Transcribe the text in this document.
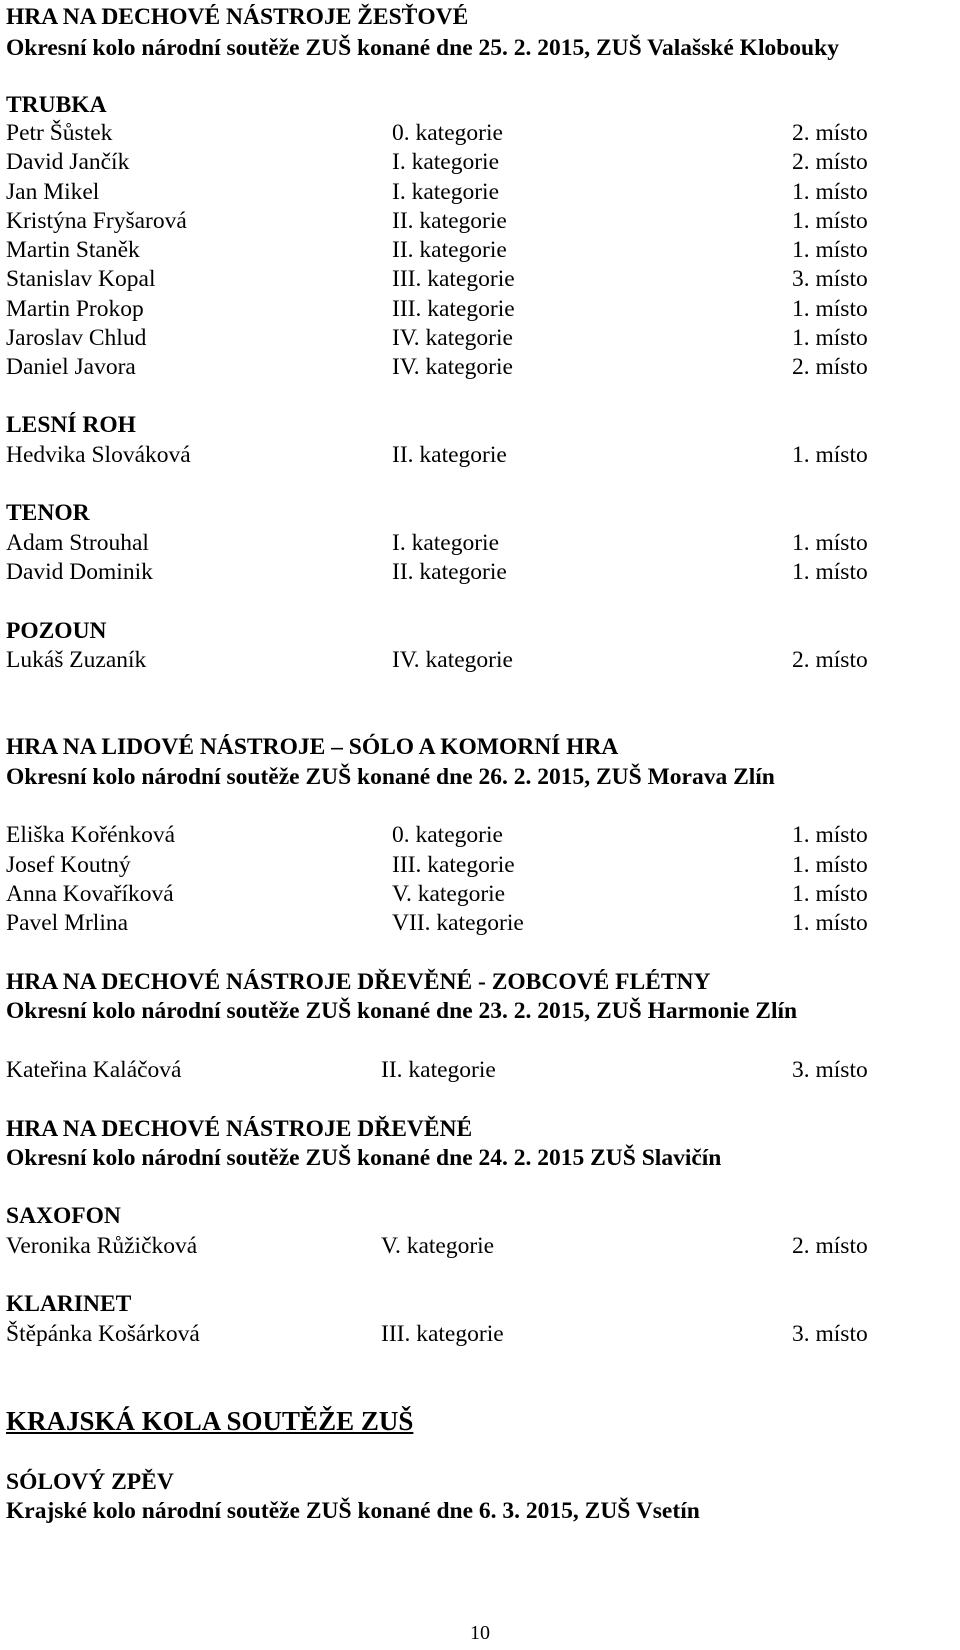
HRA NA DECHOVÉ NÁSTROJE ŽESŤOVÉ
Okresní kolo národní soutěže ZUŠ konané dne 25. 2. 2015, ZUŠ Valašské Klobouky
TRUBKA
Petr Šůstek	0. kategorie	2. místo
David Jančík	I. kategorie	2. místo
Jan Mikel	I. kategorie	1. místo
Kristýna Fryšarová	II. kategorie	1. místo
Martin Staněk	II. kategorie	1. místo
Stanislav Kopal	III. kategorie	3. místo
Martin Prokop	III. kategorie	1. místo
Jaroslav Chlud	IV. kategorie	1. místo
Daniel Javora	IV. kategorie	2. místo
LESNÍ ROH
Hedvika Slováková	II. kategorie	1. místo
TENOR
Adam Strouhal	I. kategorie	1. místo
David Dominik	II. kategorie	1. místo
POZOUN
Lukáš Zuzaník	IV. kategorie	2. místo
HRA NA LIDOVÉ NÁSTROJE – SÓLO A KOMORNÍ HRA
Okresní kolo národní soutěže ZUŠ konané dne 26. 2. 2015, ZUŠ Morava Zlín
Eliška Kořénková	0. kategorie	1. místo
Josef Koutný	III. kategorie	1. místo
Anna Kovaříková	V. kategorie	1. místo
Pavel Mrlina	VII. kategorie	1. místo
HRA NA DECHOVÉ NÁSTROJE DŘEVĚNÉ - ZOBCOVÉ FLÉTNY
Okresní kolo národní soutěže ZUŠ konané dne 23. 2. 2015, ZUŠ Harmonie Zlín
Kateřina Kaláčová	II. kategorie	3. místo
HRA NA DECHOVÉ NÁSTROJE DŘEVĚNÉ
Okresní kolo národní soutěže ZUŠ konané dne 24. 2. 2015 ZUŠ Slavičín
SAXOFON
Veronika Růžičková	V. kategorie	2. místo
KLARINET
Štěpánka Košárková	III. kategorie	3. místo
KRAJSKÁ KOLA SOUTĚŽE ZUŠ
SÓLOVÝ ZPĚV
Krajské kolo národní soutěže ZUŠ konané dne 6. 3. 2015, ZUŠ Vsetín
10
